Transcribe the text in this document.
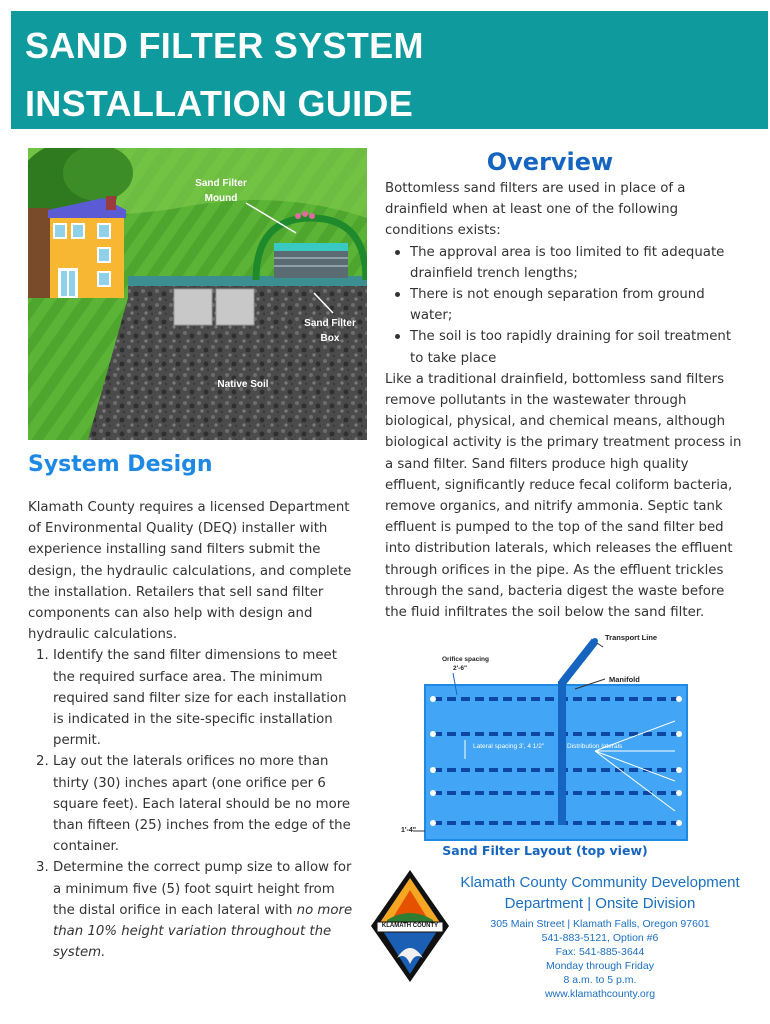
SAND FILTER SYSTEM
INSTALLATION GUIDE
Sand Filter Mound
Sand Filter Box
Native Soil
Overview

Bottomless sand filters are used in place of a drainfield when at least one of the following conditions exists:

The approval area is too limited to fit adequate drainfield trench lengths;
There is not enough separation from ground water;
The soil is too rapidly draining for soil treatment to take place

Like a traditional drainfield, bottomless sand filters remove pollutants in the wastewater through biological, physical, and chemical means, although biological activity is the primary treatment process in a sand filter. Sand filters produce high quality effluent, significantly reduce fecal coliform bacteria, remove organics, and nitrify ammonia. Septic tank effluent is pumped to the top of the sand filter bed into distribution laterals, which releases the effluent through orifices in the pipe. As the effluent trickles through the sand, bacteria digest the waste before the fluid infiltrates the soil below the sand filter.

System Design

Klamath County requires a licensed Department of Environmental Quality (DEQ) installer with experience installing sand filters submit the design, the hydraulic calculations, and complete the installation. Retailers that sell sand filter components can also help with design and hydraulic calculations.

1. Identify the sand filter dimensions to meet the required surface area. The minimum required sand filter size for each installation is indicated in the site-specific installation permit.
2. Lay out the laterals orifices no more than thirty (30) inches apart (one orifice per 6 square feet). Each lateral should be no more than fifteen (25) inches from the edge of the container.
3. Determine the correct pump size to allow for a minimum five (5) foot squirt height from the distal orifice in each lateral with no more than 10% height variation throughout the system.
Transport Line
Orifice spacing
2'-6"
Manifold
Lateral spacing 3', 4 1/2"	Distribution laterals
1'-4"
Sand Filter Layout (top view)
KLAMATH COUNTY
Klamath County Community Development
Department | Onsite Division
305 Main Street | Klamath Falls, Oregon 97601
541-883-5121, Option #6
Fax: 541-885-3644
Monday through Friday
8 a.m. to 5 p.m.
www.klamathcounty.org
